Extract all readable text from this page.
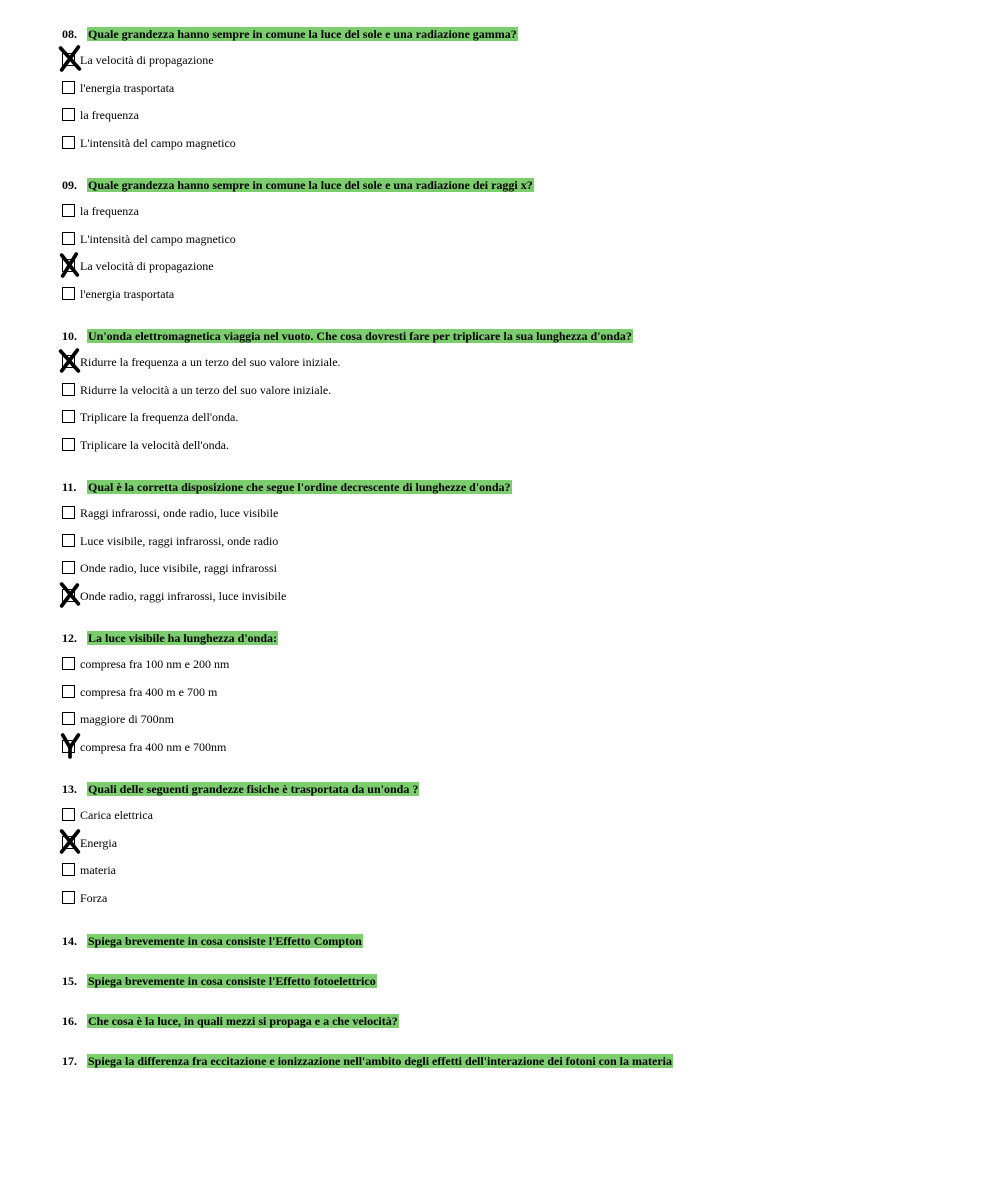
08. Quale grandezza hanno sempre in comune la luce del sole e una radiazione gamma?
La velocità di propagazione
l'energia trasportata
la frequenza
L'intensità del campo magnetico
09. Quale grandezza hanno sempre in comune la luce del sole e una radiazione dei raggi x?
la frequenza
L'intensità del campo magnetico
La velocità di propagazione
l'energia trasportata
10. Un'onda elettromagnetica viaggia nel vuoto. Che cosa dovresti fare per triplicare la sua lunghezza d'onda?
Ridurre la frequenza a un terzo del suo valore iniziale.
Ridurre la velocità a un terzo del suo valore iniziale.
Triplicare la frequenza dell'onda.
Triplicare la velocità dell'onda.
11. Qual è la corretta disposizione che segue l'ordine decrescente di lunghezze d'onda?
Raggi infrarossi, onde radio, luce visibile
Luce visibile, raggi infrarossi, onde radio
Onde radio, luce visibile, raggi infrarossi
Onde radio, raggi infrarossi, luce invisibile
12. La luce visibile ha lunghezza d'onda:
compresa fra 100 nm e 200 nm
compresa fra 400 m e 700 m
maggiore di 700nm
compresa fra 400 nm e 700nm
13. Quali delle seguenti grandezze fisiche è trasportata da un'onda ?
Carica elettrica
Energia
materia
Forza
14. Spiega brevemente in cosa consiste l'Effetto Compton
15. Spiega brevemente in cosa consiste l'Effetto fotoelettrico
16. Che cosa è la luce, in quali mezzi si propaga e a che velocità?
17. Spiega la differenza fra eccitazione e ionizzazione nell'ambito degli effetti dell'interazione dei fotoni con la materia
